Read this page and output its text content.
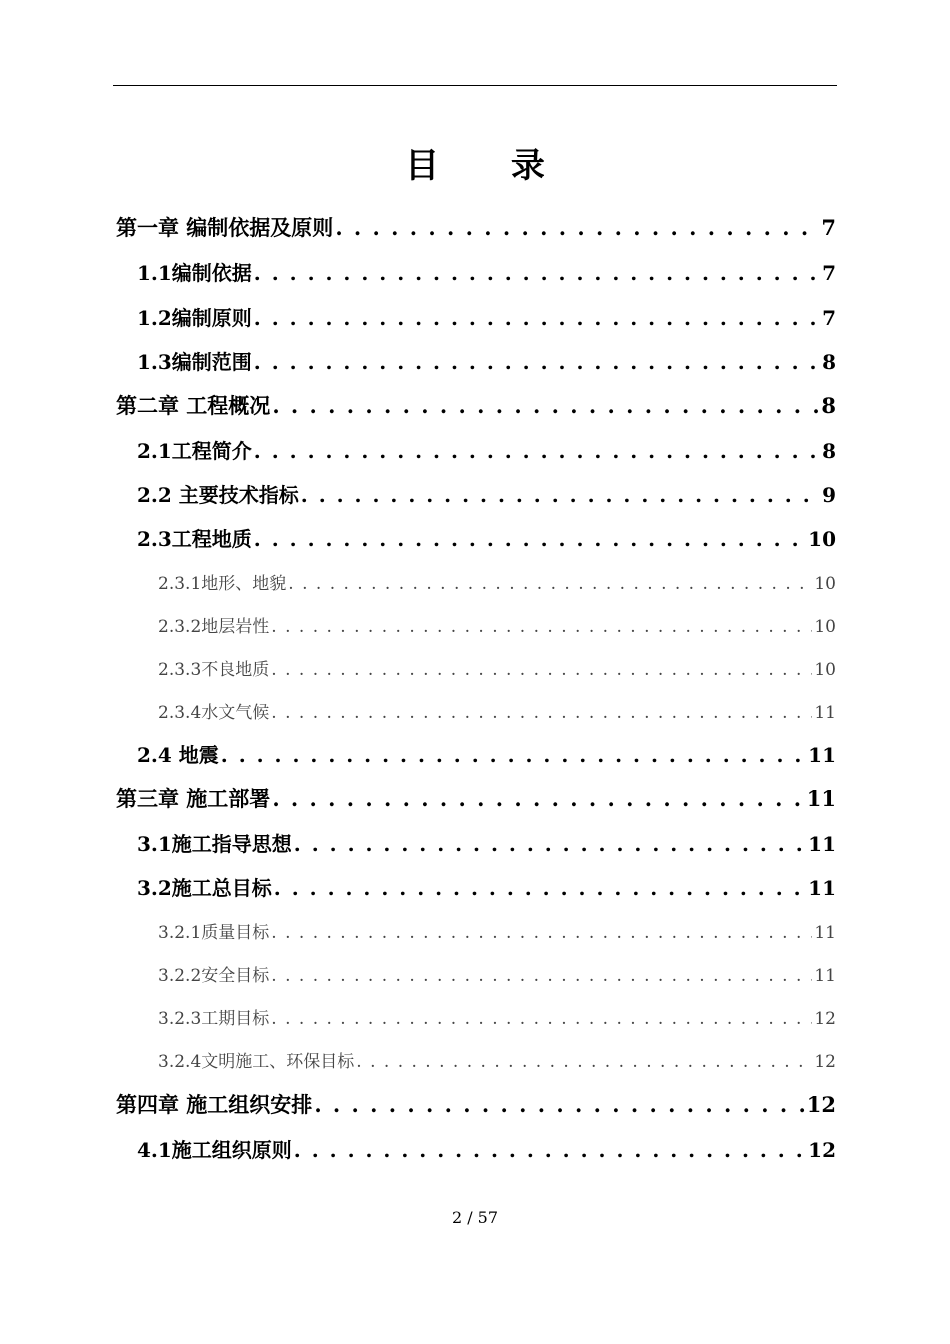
目 录
第一章 编制依据及原则 . . .	7
1.1编制依据 . . .	7
1.2编制原则 . . .	7
1.3编制范围 . . .	8
第二章 工程概况 . . .	8
2.1工程简介 . . .	8
2.2 主要技术指标 . . .	9
2.3工程地质 . . .	10
2.3.1地形、地貌 . . .	10
2.3.2地层岩性 . . .	10
2.3.3不良地质 . . .	10
2.3.4水文气候 . . .	11
2.4 地震 . . .	11
第三章 施工部署 . . .	11
3.1施工指导思想 . . .	11
3.2施工总目标 . . .	11
3.2.1质量目标 . . .	11
3.2.2安全目标 . . .	11
3.2.3工期目标 . . .	12
3.2.4文明施工、环保目标 . . .	12
第四章 施工组织安排 . . .	12
4.1施工组织原则 . . .	12
2 / 57
